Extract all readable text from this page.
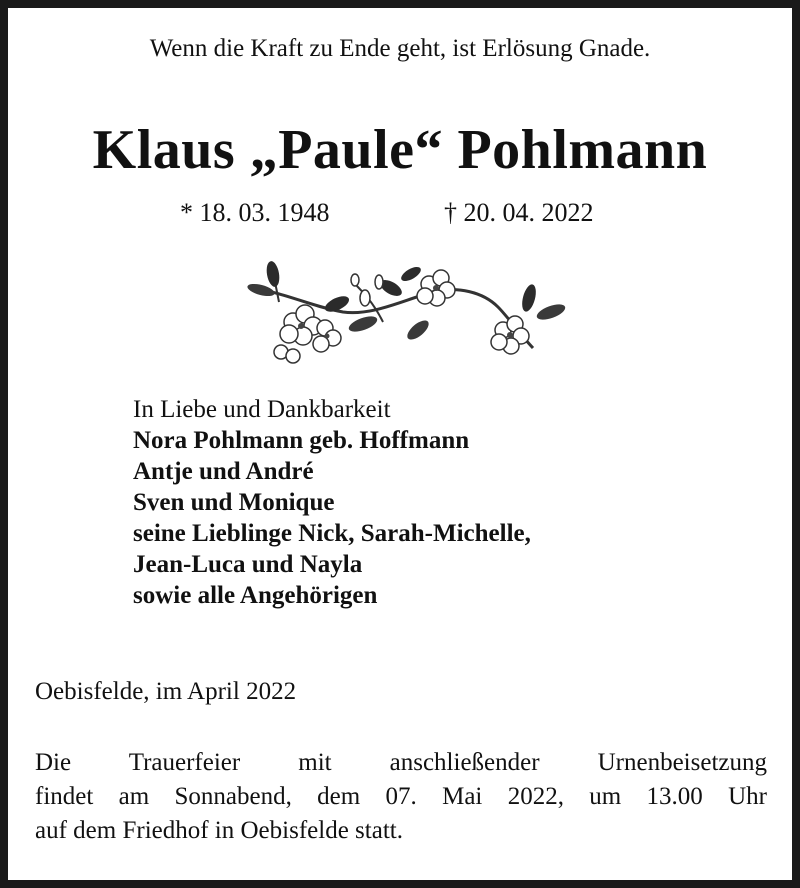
Wenn die Kraft zu Ende geht, ist Erlösung Gnade.
Klaus „Paule“ Pohlmann
* 18. 03. 1948	† 20. 04. 2022
In Liebe und Dankbarkeit
Nora Pohlmann geb. Hoffmann
Antje und André
Sven und Monique
seine Lieblinge Nick, Sarah-Michelle,
Jean-Luca und Nayla
sowie alle Angehörigen
Oebisfelde, im April 2022
Die Trauerfeier mit anschließender Urnenbeisetzung
findet am Sonnabend, dem 07. Mai 2022, um 13.00 Uhr
auf dem Friedhof in Oebisfelde statt.
